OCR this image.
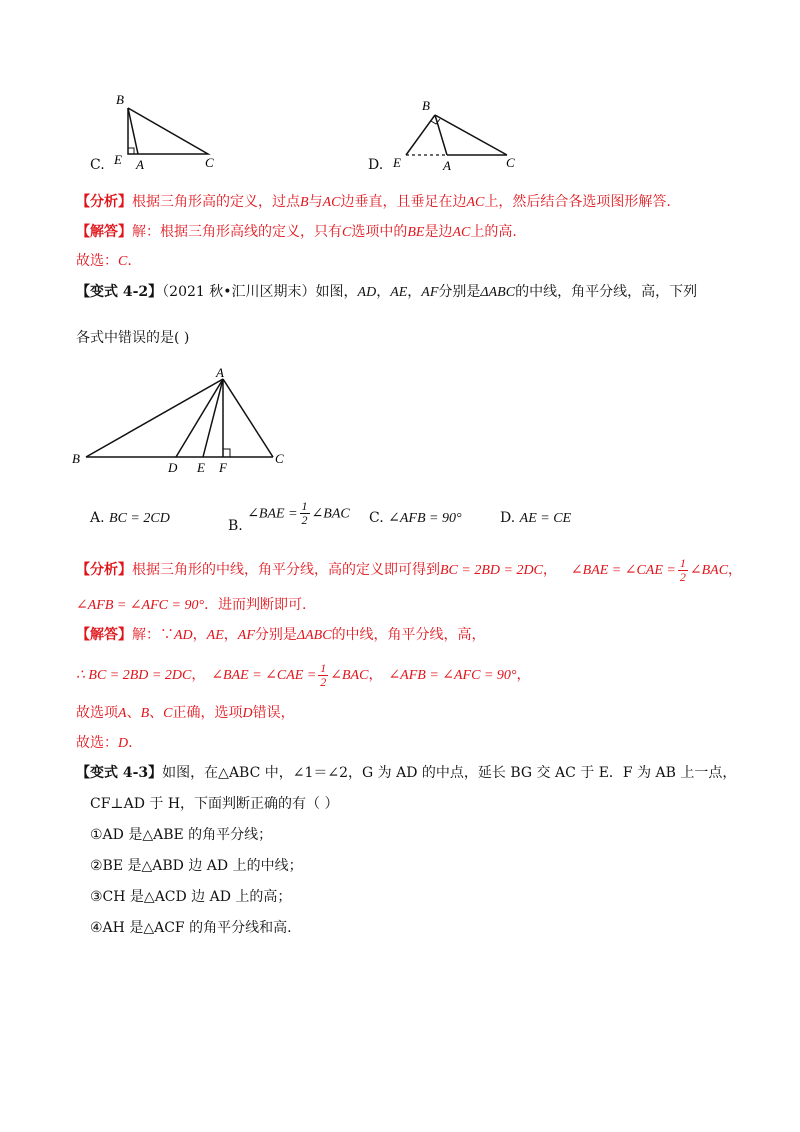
C.
B
E A	C	D.
B
E	A	C
【分析】根据三角形高的定义，过点B与AC边垂直，且垂足在边AC上，然后结合各选项图形解答.
【解答】解：根据三角形高线的定义，只有C选项中的BE是边AC上的高.
故选：C.
【变式 4-2】（2021 秋•汇川区期末）如图，AD，AE，AF分别是ΔABC的中线，角平分线，高，下列
各式中错误的是( )
A
B	C
D E F
A. BC = 2CD	B. ∠BAE = $\frac{1}{2}$ ∠BAC C. ∠AFB = 90°	D. AE = CE
【分析】根据三角形的中线，角平分线，高的定义即可得到BC = 2BD = 2DC， ∠BAE = ∠CAE = $\frac{1}{2}$ ∠BAC，
∠AFB = ∠AFC = 90°．进而判断即可.
【解答】解：∵AD，AE，AF分别是ΔABC的中线，角平分线，高，
∴ BC = 2BD = 2DC， ∠BAE = ∠CAE = $\frac{1}{2}$ ∠BAC， ∠AFB = ∠AFC = 90°，
故选项A、B、C正确，选项D错误，
故选：D.
【变式 4-3】如图，在△ABC 中，∠1＝∠2，G 为 AD 的中点，延长 BG 交 AC 于 E．F 为 AB 上一点，
CF⊥AD 于 H，下面判断正确的有（ ）
①AD 是△ABE 的角平分线；
②BE 是△ABD 边 AD 上的中线；
③CH 是△ACD 边 AD 上的高；
④AH 是△ACF 的角平分线和高.
